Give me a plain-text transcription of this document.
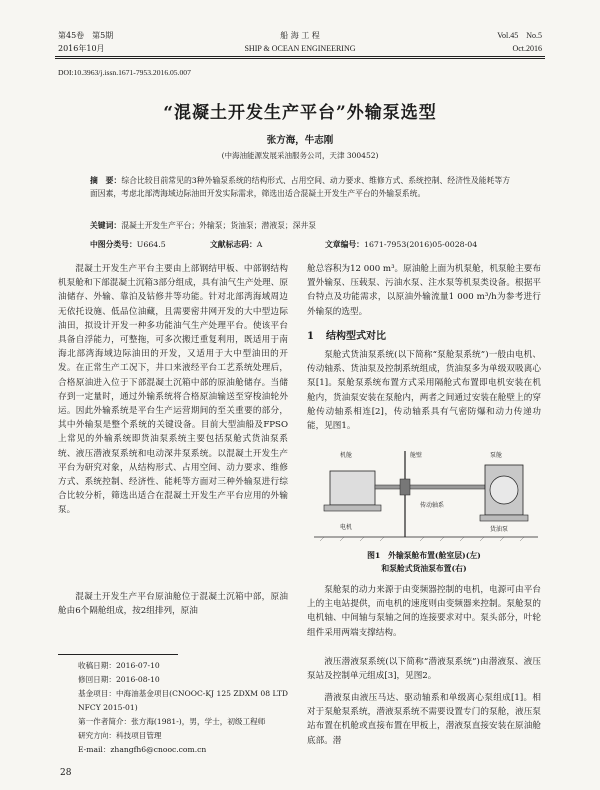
第45卷　第5期
2016年10月
船 海 工 程
SHIP & OCEAN ENGINEERING
Vol.45　No.5
Oct.2016
DOI:10.3963/j.issn.1671-7953.2016.05.007
“混凝土开发生产平台”外输泵选型
张方海，牛志刚
(中海油能源发展采油服务公司，天津 300452)
摘　要：综合比较目前常见的3种外输泵系统的结构形式、占用空间、动力要求、维修方式、系统控制、经济性及能耗等方面因素，考虑北部湾海域边际油田开发实际需求，筛选出适合混凝土开发生产平台的外输泵系统。
关键词：混凝土开发生产平台；外输泵；货油泵；潜液泵；深井泵
中图分类号：U664.5	文献标志码：A	文章编号：1671-7953(2016)05-0028-04
混凝土开发生产平台主要由上部钢结甲板、中部钢结构机泵舱和下部混凝土沉箱3部分组成，具有油气生产处理、原油储存、外输、靠泊及钻修井等功能。针对北部湾海域周边无依托设施、低品位油藏，且需要密井网开发的大中型边际油田，拟设计开发一种多功能油气生产处理平台。使该平台具备自浮能力，可整拖，可多次搬迁重复利用，既适用于南海北部湾海域边际油田的开发，又适用于大中型油田的开发。在正常生产工况下，井口来液经平台工艺系统处理后，合格原油进入位于下部混凝土沉箱中部的原油舱储存。当储存到一定量时，通过外输系统将合格原油输送至穿梭油轮外运。因此外输系统是平台生产运营期间的至关重要的部分，其中外输泵是整个系统的关键设备。目前大型油船及FPSO上常见的外输系统即货油泵系统主要包括泵舱式货油泵系统、液压潜液泵系统和电动深井泵系统。以混凝土开发生产平台为研究对象，从结构形式、占用空间、动力要求、维修方式、系统控制、经济性、能耗等方面对三种外输泵进行综合比较分析，筛选出适合在混凝土开发生产平台应用的外输泵。
混凝土开发生产平台原油舱位于混凝土沉箱中部，原油舱由6个隔舱组成，按2组排列，原油
收稿日期：2016-07-10
修回日期：2016-08-10
基金项目：中海油基金项目(CNOOC-KJ 125 ZDXM 08 LTD NFCY 2015-01)
第一作者简介：张方海(1981-)，男，学士，初级工程师
研究方向：科技项目管理
E-mail：zhangfh6@cnooc.com.cn
28
舱总容积为12 000 m³。原油舱上面为机泵舱，机泵舱主要布置外输泵、压载泵、污油水泵、注水泵等机泵类设备。根据平台特点及功能需求，以原油外输流量1 000 m³/h为参考进行外输泵的选型。
1 结构型式对比
泵舱式货油泵系统(以下简称“泵舱泵系统”)一般由电机、传动轴系、货油泵及控制系统组成，货油泵多为单级双吸离心泵[1]。泵舱泵系统布置方式采用隔舱式布置即电机安装在机舱内，货油泵安装在泵舱内，两者之间通过安装在舱壁上的穿舱传动轴系相连[2]，传动轴系具有气密防爆和动力传递功能，见图1。
机舱	舱壁	泵舱
电机
传动轴系
货油泵
图1　外输泵舱布置(舱室层)(左)
和泵舱式货油泵布置(右)
泵舱泵的动力来源于由变频器控制的电机，电源可由平台上的主电站提供，而电机的速度则由变频器来控制。泵舱泵的电机轴、中间轴与泵轴之间的连接要求对中。泵头部分，叶轮组件采用两端支撑结构。
液压潜液泵系统(以下简称“潜液泵系统”)由潜液泵、液压泵站及控制单元组成[3]，见图2。
潜液泵由液压马达、驱动轴系和单级离心泵组成[1]。相对于泵舱泵系统，潜液泵系统不需要设置专门的泵舱，液压泵站布置在机舱或直接布置在甲板上，潜液泵直接安装在原油舱底部。潜
